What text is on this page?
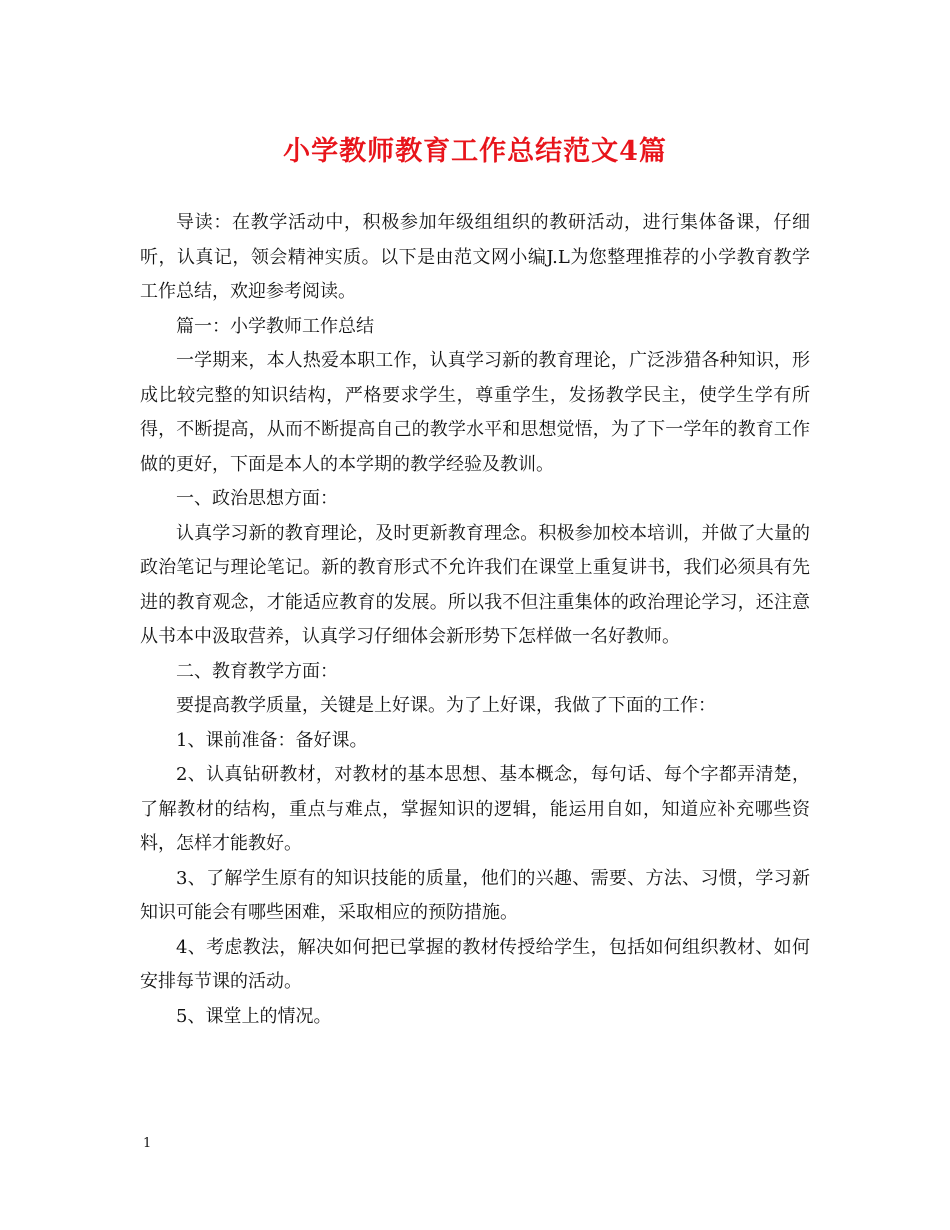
小学教师教育工作总结范文4篇

导读：在教学活动中，积极参加年级组组织的教研活动，进行集体备课，仔细听，认真记，领会精神实质。以下是由范文网小编J.L为您整理推荐的小学教育教学工作总结，欢迎参考阅读。

篇一：小学教师工作总结

一学期来，本人热爱本职工作，认真学习新的教育理论，广泛涉猎各种知识，形成比较完整的知识结构，严格要求学生，尊重学生，发扬教学民主，使学生学有所得，不断提高，从而不断提高自己的教学水平和思想觉悟，为了下一学年的教育工作做的更好，下面是本人的本学期的教学经验及教训。

一、政治思想方面：

认真学习新的教育理论，及时更新教育理念。积极参加校本培训，并做了大量的政治笔记与理论笔记。新的教育形式不允许我们在课堂上重复讲书，我们必须具有先进的教育观念，才能适应教育的发展。所以我不但注重集体的政治理论学习，还注意从书本中汲取营养，认真学习仔细体会新形势下怎样做一名好教师。

二、教育教学方面：

要提高教学质量，关键是上好课。为了上好课，我做了下面的工作：

1、课前准备：备好课。

2、认真钻研教材，对教材的基本思想、基本概念，每句话、每个字都弄清楚，了解教材的结构，重点与难点，掌握知识的逻辑，能运用自如，知道应补充哪些资料，怎样才能教好。

3、了解学生原有的知识技能的质量，他们的兴趣、需要、方法、习惯，学习新知识可能会有哪些困难，采取相应的预防措施。

4、考虑教法，解决如何把已掌握的教材传授给学生，包括如何组织教材、如何安排每节课的活动。

5、课堂上的情况。

1
